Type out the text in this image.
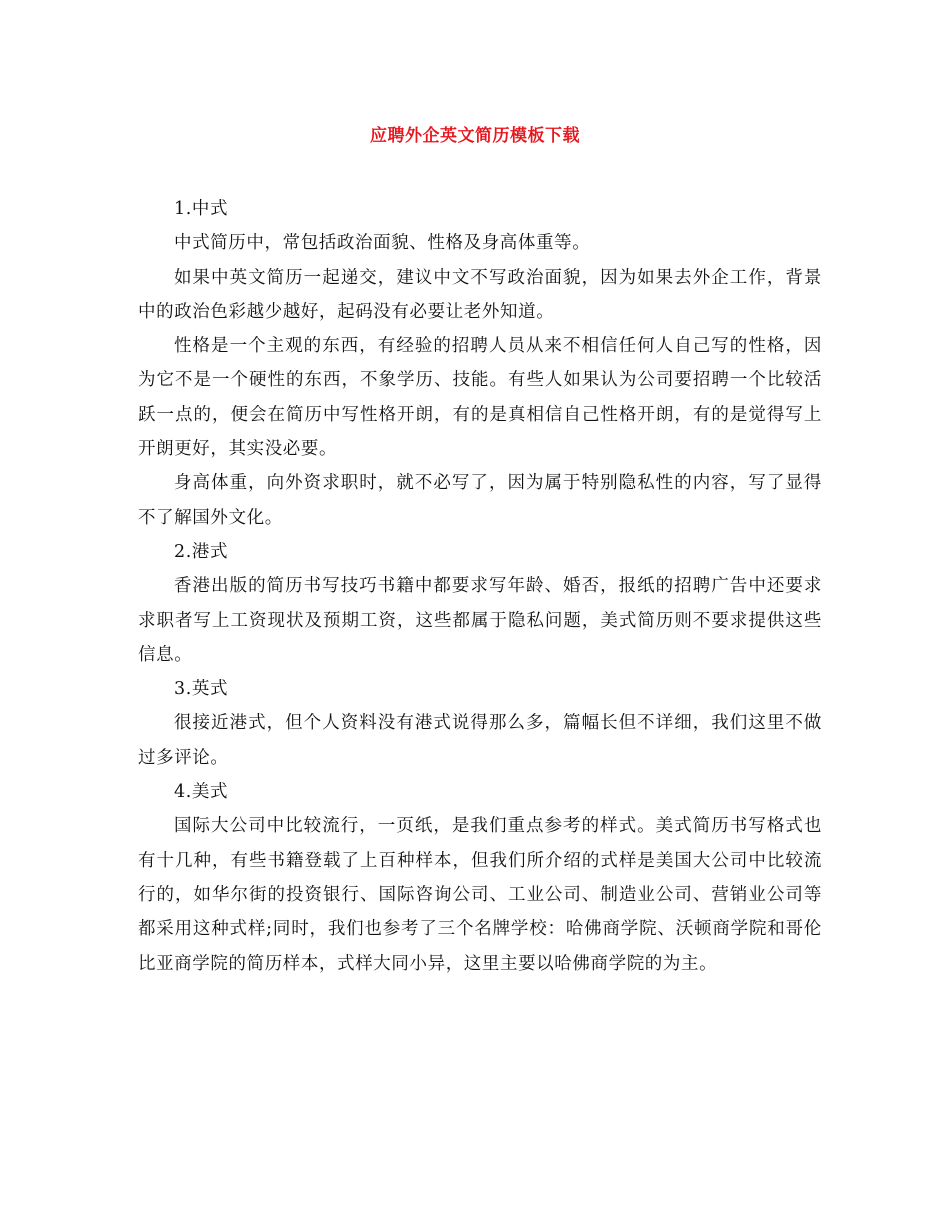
应聘外企英文简历模板下载

1.中式

中式简历中，常包括政治面貌、性格及身高体重等。

如果中英文简历一起递交，建议中文不写政治面貌，因为如果去外企工作，背景中的政治色彩越少越好，起码没有必要让老外知道。

性格是一个主观的东西，有经验的招聘人员从来不相信任何人自己写的性格，因为它不是一个硬性的东西，不象学历、技能。有些人如果认为公司要招聘一个比较活跃一点的，便会在简历中写性格开朗，有的是真相信自己性格开朗，有的是觉得写上开朗更好，其实没必要。

身高体重，向外资求职时，就不必写了，因为属于特别隐私性的内容，写了显得不了解国外文化。

2.港式

香港出版的简历书写技巧书籍中都要求写年龄、婚否，报纸的招聘广告中还要求求职者写上工资现状及预期工资，这些都属于隐私问题，美式简历则不要求提供这些信息。

3.英式

很接近港式，但个人资料没有港式说得那么多，篇幅长但不详细，我们这里不做过多评论。

4.美式

国际大公司中比较流行，一页纸，是我们重点参考的样式。美式简历书写格式也有十几种，有些书籍登载了上百种样本，但我们所介绍的式样是美国大公司中比较流行的，如华尔街的投资银行、国际咨询公司、工业公司、制造业公司、营销业公司等都采用这种式样;同时，我们也参考了三个名牌学校：哈佛商学院、沃顿商学院和哥伦比亚商学院的简历样本，式样大同小异，这里主要以哈佛商学院的为主。
